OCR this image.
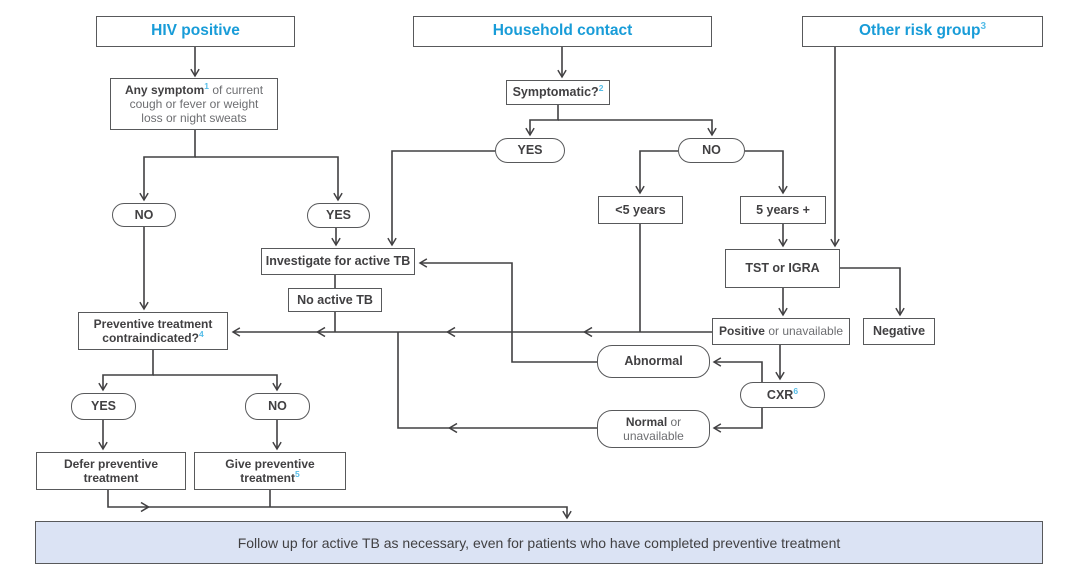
HIV positive	Household contact	Other risk group$^3$
Any symptom$^1$ of current cough or fever or weight loss or night sweats
NO	YES
Symptomatic?$^2$
YES	NO
<5 years	5 years +
TST or IGRA
Positive or unavailable Negative
Investigate for active TB
No active TB
Abnormal
CXR$^6$
Normal or
unavailable
Preventive treatment
contraindicated?$^4$
YES	NO
Defer preventive
treatment
Give preventive
treatment$^5$
Follow up for active TB as necessary, even for patients who have completed preventive treatment
